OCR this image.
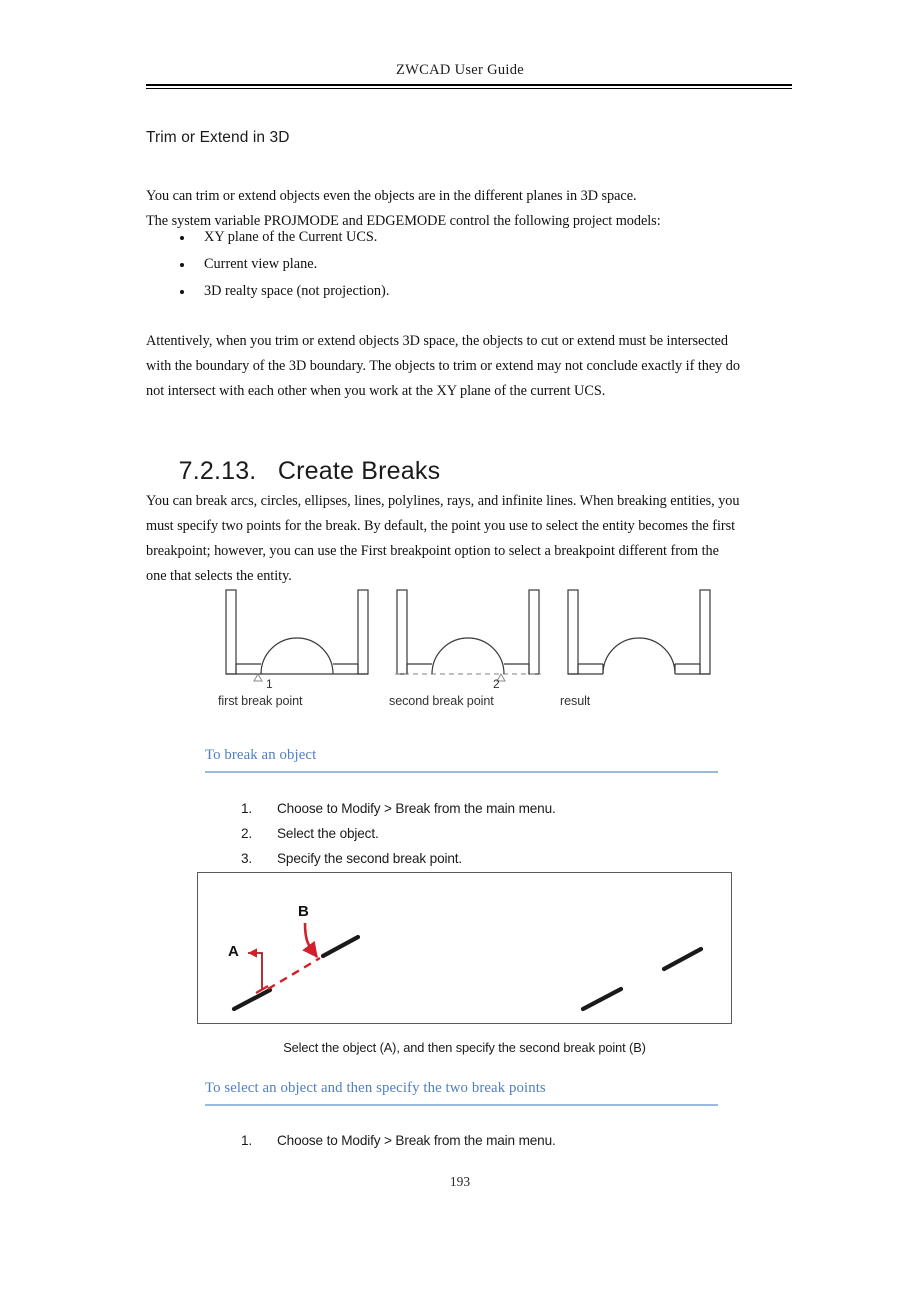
ZWCAD User Guide
Trim or Extend in 3D
You can trim or extend objects even the objects are in the different planes in 3D space.
The system variable PROJMODE and EDGEMODE control the following project models:
XY plane of the Current UCS.
Current view plane.
3D realty space (not projection).
Attentively, when you trim or extend objects 3D space, the objects to cut or extend must be intersected
with the boundary of the 3D boundary. The objects to trim or extend may not conclude exactly if they do
not intersect with each other when you work at the XY plane of the current UCS.

7.2.13. Create Breaks

You can break arcs, circles, ellipses, lines, polylines, rays, and infinite lines. When breaking entities, you
must specify two points for the break. By default, the point you use to select the entity becomes the first
breakpoint; however, you can use the First breakpoint option to select a breakpoint different from the
one that selects the entity.
1
first break point
2
second break point	result
To break an object
1.	Choose to Modify > Break from the main menu.
2.	Select the object.
3.	Specify the second break point.
A
B
Select the object (A), and then specify the second break point (B)
To select an object and then specify the two break points
1.	Choose to Modify > Break from the main menu.
193
